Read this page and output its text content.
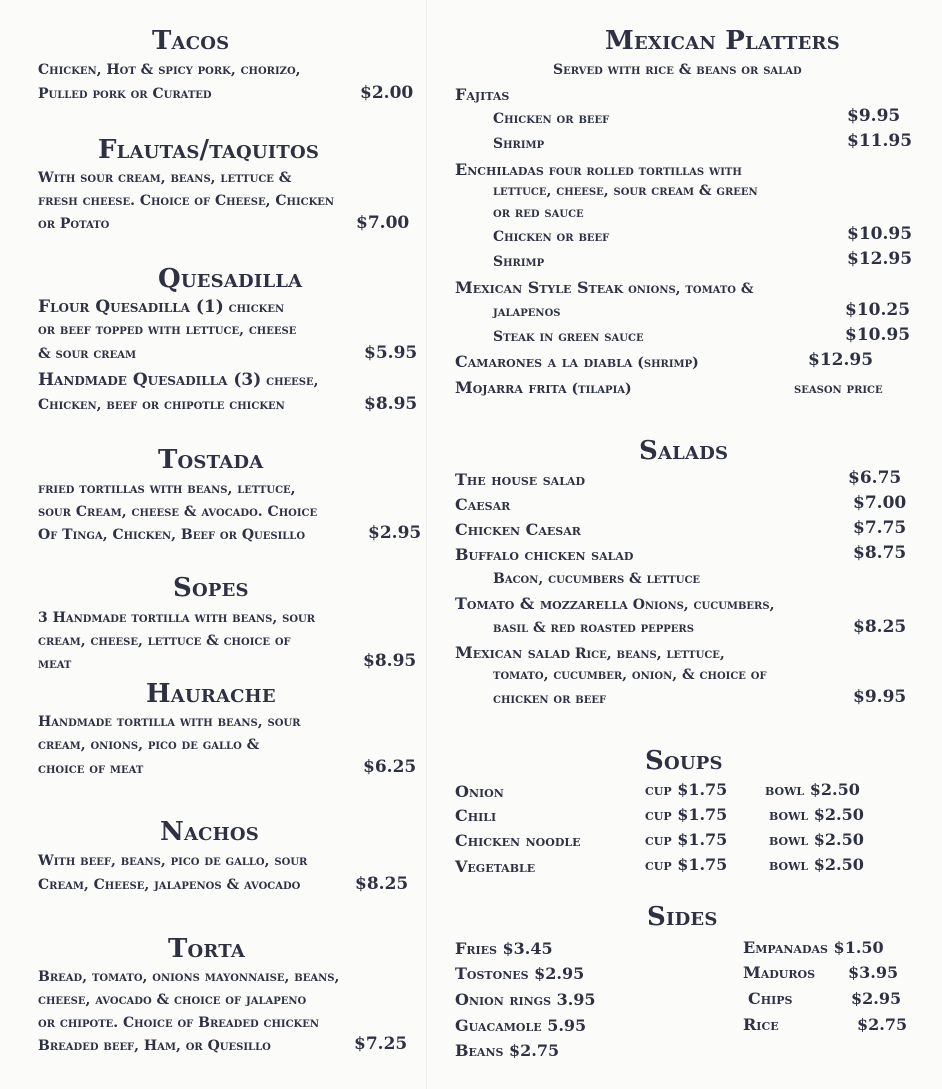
Tacos
Chicken, Hot & spicy pork, chorizo,
Pulled pork or Curated	$2.00
Flautas/taquitos
With sour cream, beans, lettuce &
fresh cheese. Choice of Cheese, Chicken
or Potato	$7.00
Quesadilla
Flour Quesadilla (1) chicken
or beef topped with lettuce, cheese
& sour cream	$5.95
Handmade Quesadilla (3) cheese,
Chicken, beef or chipotle chicken	$8.95
Tostada
fried tortillas with beans, lettuce,
sour Cream, cheese & avocado. Choice
Of Tinga, Chicken, Beef or Quesillo	$2.95
Sopes
3 Handmade tortilla with beans, sour
cream, cheese, lettuce & choice of
meat	$8.95
Haurache
Handmade tortilla with beans, sour
cream, onions, pico de gallo &
choice of meat	$6.25
Nachos
With beef, beans, pico de gallo, sour
Cream, Cheese, jalapenos & avocado	$8.25
Torta
Bread, tomato, onions mayonnaise, beans,
cheese, avocado & choice of jalapeno
or chipote. Choice of Breaded chicken
Breaded beef, Ham, or Quesillo	$7.25
Mexican Platters
Served with rice & beans or salad
Fajitas
Chicken or beef	$9.95
Shrimp	$11.95
Enchiladas four rolled tortillas with
lettuce, cheese, sour cream & green
or red sauce
Chicken or beef	$10.95
Shrimp	$12.95
Mexican Style Steak onions, tomato &
jalapenos	$10.25
Steak in green sauce	$10.95
Camarones a la diabla (shrimp)	$12.95
Mojarra frita (tilapia)	season price
Salads
The house salad	$6.75
Caesar	$7.00
Chicken Caesar	$7.75
Buffalo chicken salad	$8.75
Bacon, cucumbers & lettuce
Tomato & mozzarella Onions, cucumbers,
basil & red roasted peppers	$8.25
Mexican salad Rice, beans, lettuce,
tomato, cucumber, onion, & choice of
chicken or beef	$9.95
Soups
Onion	cup $1.75 bowl $2.50
Chili	cup $1.75	bowl $2.50
Chicken noodle	cup $1.75	bowl $2.50
Vegetable	cup $1.75	bowl $2.50
Sides
Fries $3.45
Tostones $2.95
Onion rings 3.95
Guacamole 5.95
Beans $2.75
Empanadas $1.50
Maduros $3.95
Chips	$2.95
Rice	$2.75
